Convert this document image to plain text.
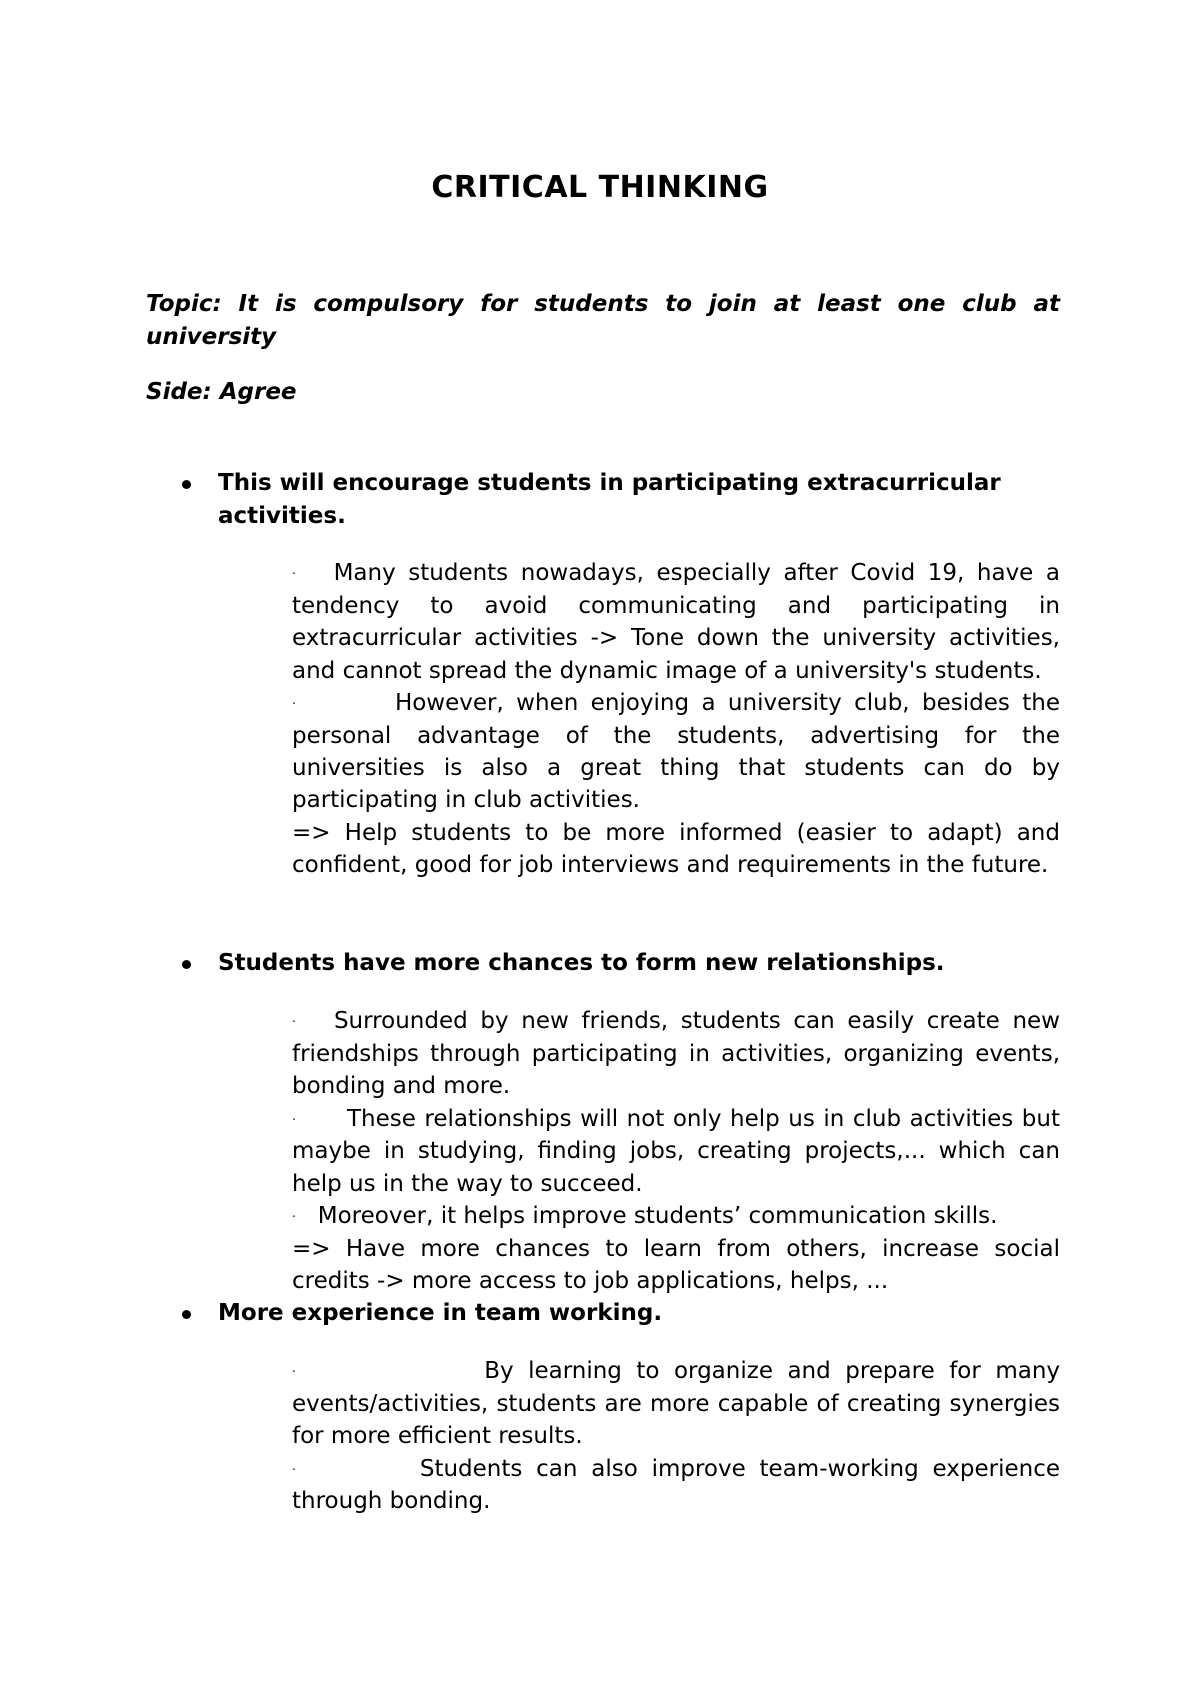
CRITICAL THINKING
Topic: It is compulsory for students to join at least one club at university
Side: Agree
This will encourage students in participating extracurricular activities.

· Many students nowadays, especially after Covid 19, have a tendency to avoid communicating and participating in extracurricular activities -> Tone down the university activities, and cannot spread the dynamic image of a university's students.

·	However, when enjoying a university club, besides the personal advantage of the students, advertising for the universities is also a great thing that students can do by participating in club activities.

=> Help students to be more informed (easier to adapt) and confident, good for job interviews and requirements in the future.

Students have more chances to form new relationships.

· Surrounded by new friends, students can easily create new friendships through participating in activities, organizing events, bonding and more.

· These relationships will not only help us in club activities but maybe in studying, finding jobs, creating projects,... which can help us in the way to succeed.

· Moreover, it helps improve students’ communication skills.

=> Have more chances to learn from others, increase social credits -> more access to job applications, helps, ...

More experience in team working.

·	By learning to organize and prepare for many events/activities, students are more capable of creating synergies for more efficient results.

·	Students can also improve team-working experience through bonding.
